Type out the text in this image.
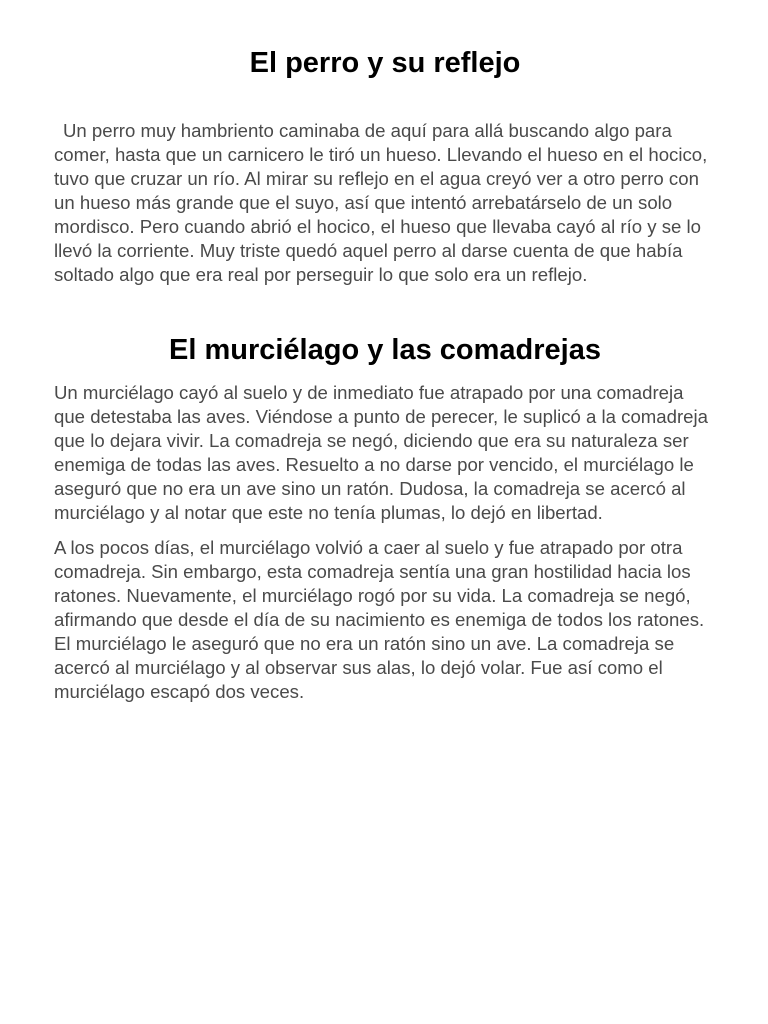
El perro y su reflejo

Un perro muy hambriento caminaba de aquí para allá buscando algo para comer, hasta que un carnicero le tiró un hueso. Llevando el hueso en el hocico, tuvo que cruzar un río. Al mirar su reflejo en el agua creyó ver a otro perro con un hueso más grande que el suyo, así que intentó arrebatárselo de un solo mordisco. Pero cuando abrió el hocico, el hueso que llevaba cayó al río y se lo llevó la corriente. Muy triste quedó aquel perro al darse cuenta de que había soltado algo que era real por perseguir lo que solo era un reflejo.

El murciélago y las comadrejas

Un murciélago cayó al suelo y de inmediato fue atrapado por una comadreja que detestaba las aves. Viéndose a punto de perecer, le suplicó a la comadreja que lo dejara vivir. La comadreja se negó, diciendo que era su naturaleza ser enemiga de todas las aves. Resuelto a no darse por vencido, el murciélago le aseguró que no era un ave sino un ratón. Dudosa, la comadreja se acercó al murciélago y al notar que este no tenía plumas, lo dejó en libertad.

A los pocos días, el murciélago volvió a caer al suelo y fue atrapado por otra comadreja. Sin embargo, esta comadreja sentía una gran hostilidad hacia los ratones. Nuevamente, el murciélago rogó por su vida. La comadreja se negó, afirmando que desde el día de su nacimiento es enemiga de todos los ratones. El murciélago le aseguró que no era un ratón sino un ave. La comadreja se acercó al murciélago y al observar sus alas, lo dejó volar. Fue así como el murciélago escapó dos veces.
